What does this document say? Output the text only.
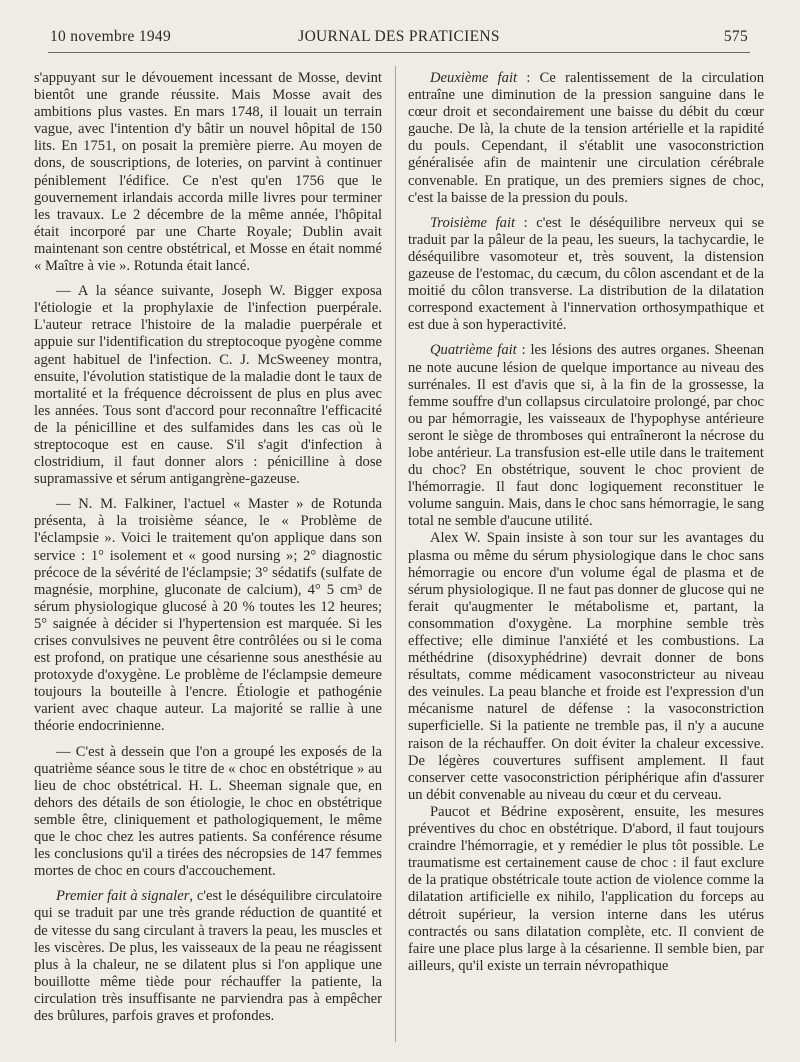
10 novembre 1949	JOURNAL DES PRATICIENS	575

s'appuyant sur le dévouement incessant de Mosse, devint bientôt une grande réussite. Mais Mosse avait des ambitions plus vastes. En mars 1748, il louait un terrain vague, avec l'intention d'y bâtir un nouvel hôpital de 150 lits. En 1751, on posait la première pierre. Au moyen de dons, de souscriptions, de loteries, on parvint à continuer péniblement l'édifice. Ce n'est qu'en 1756 que le gouvernement irlandais accorda mille livres pour terminer les travaux. Le 2 décembre de la même année, l'hôpital était incorporé par une Charte Royale; Dublin avait maintenant son centre obstétrical, et Mosse en était nommé « Maître à vie ». Rotunda était lancé.

— A la séance suivante, Joseph W. Bigger exposa l'étiologie et la prophylaxie de l'infection puerpérale. L'auteur retrace l'histoire de la maladie puerpérale et appuie sur l'identification du streptocoque pyogène comme agent habituel de l'infection. C. J. McSweeney montra, ensuite, l'évolution statistique de la maladie dont le taux de mortalité et la fréquence décroissent de plus en plus avec les années. Tous sont d'accord pour reconnaître l'efficacité de la pénicilline et des sulfamides dans les cas où le streptocoque est en cause. S'il s'agit d'infection à clostridium, il faut donner alors : pénicilline à dose supramassive et sérum antigangrène-gazeuse.

— N. M. Falkiner, l'actuel « Master » de Rotunda présenta, à la troisième séance, le « Problème de l'éclampsie ». Voici le traitement qu'on applique dans son service : 1° isolement et « good nursing »; 2° diagnostic précoce de la sévérité de l'éclampsie; 3° sédatifs (sulfate de magnésie, morphine, gluconate de calcium), 4° 5 cm³ de sérum physiologique glucosé à 20 % toutes les 12 heures; 5° saignée à décider si l'hypertension est marquée. Si les crises convulsives ne peuvent être contrôlées ou si le coma est profond, on pratique une césarienne sous anesthésie au protoxyde d'oxygène. Le problème de l'éclampsie demeure toujours la bouteille à l'encre. Étiologie et pathogénie varient avec chaque auteur. La majorité se rallie à une théorie endocrinienne.

— C'est à dessein que l'on a groupé les exposés de la quatrième séance sous le titre de « choc en obstétrique » au lieu de choc obstétrical. H. L. Sheeman signale que, en dehors des détails de son étiologie, le choc en obstétrique semble être, cliniquement et pathologiquement, le même que le choc chez les autres patients. Sa conférence résume les conclusions qu'il a tirées des nécropsies de 147 femmes mortes de choc en cours d'accouchement.

Premier fait à signaler, c'est le déséquilibre circulatoire qui se traduit par une très grande réduction de quantité et de vitesse du sang circulant à travers la peau, les muscles et les viscères. De plus, les vaisseaux de la peau ne réagissent plus à la chaleur, ne se dilatent plus si l'on applique une bouillotte même tiède pour réchauffer la patiente, la circulation très insuffisante ne parviendra pas à empêcher des brûlures, parfois graves et profondes.

Deuxième fait : Ce ralentissement de la circulation entraîne une diminution de la pression sanguine dans le cœur droit et secondairement une baisse du débit du cœur gauche. De là, la chute de la tension artérielle et la rapidité du pouls. Cependant, il s'établit une vasoconstriction généralisée afin de maintenir une circulation cérébrale convenable. En pratique, un des premiers signes de choc, c'est la baisse de la pression du pouls.

Troisième fait : c'est le déséquilibre nerveux qui se traduit par la pâleur de la peau, les sueurs, la tachycardie, le déséquilibre vasomoteur et, très souvent, la distension gazeuse de l'estomac, du cæcum, du côlon ascendant et de la moitié du côlon transverse. La distribution de la dilatation correspond exactement à l'innervation orthosympathique et est due à son hyperactivité.

Quatrième fait : les lésions des autres organes. Sheenan ne note aucune lésion de quelque importance au niveau des surrénales. Il est d'avis que si, à la fin de la grossesse, la femme souffre d'un collapsus circulatoire prolongé, par choc ou par hémorragie, les vaisseaux de l'hypophyse antérieure seront le siège de thromboses qui entraîneront la nécrose du lobe antérieur. La transfusion est-elle utile dans le traitement du choc? En obstétrique, souvent le choc provient de l'hémorragie. Il faut donc logiquement reconstituer le volume sanguin. Mais, dans le choc sans hémorragie, le sang total ne semble d'aucune utilité.

Alex W. Spain insiste à son tour sur les avantages du plasma ou même du sérum physiologique dans le choc sans hémorragie ou encore d'un volume égal de plasma et de sérum physiologique. Il ne faut pas donner de glucose qui ne ferait qu'augmenter le métabolisme et, partant, la consommation d'oxygène. La morphine semble très effective; elle diminue l'anxiété et les combustions. La méthédrine (disoxyphédrine) devrait donner de bons résultats, comme médicament vasoconstricteur au niveau des veinules. La peau blanche et froide est l'expression d'un mécanisme naturel de défense : la vasoconstriction superficielle. Si la patiente ne tremble pas, il n'y a aucune raison de la réchauffer. On doit éviter la chaleur excessive. De légères couvertures suffisent amplement. Il faut conserver cette vasoconstriction périphérique afin d'assurer un débit convenable au niveau du cœur et du cerveau.

Paucot et Bédrine exposèrent, ensuite, les mesures préventives du choc en obstétrique. D'abord, il faut toujours craindre l'hémorragie, et y remédier le plus tôt possible. Le traumatisme est certainement cause de choc : il faut exclure de la pratique obstétricale toute action de violence comme la dilatation artificielle ex nihilo, l'application du forceps au détroit supérieur, la version interne dans les utérus contractés ou sans dilatation complète, etc. Il convient de faire une place plus large à la césarienne. Il semble bien, par ailleurs, qu'il existe un terrain névropathique
